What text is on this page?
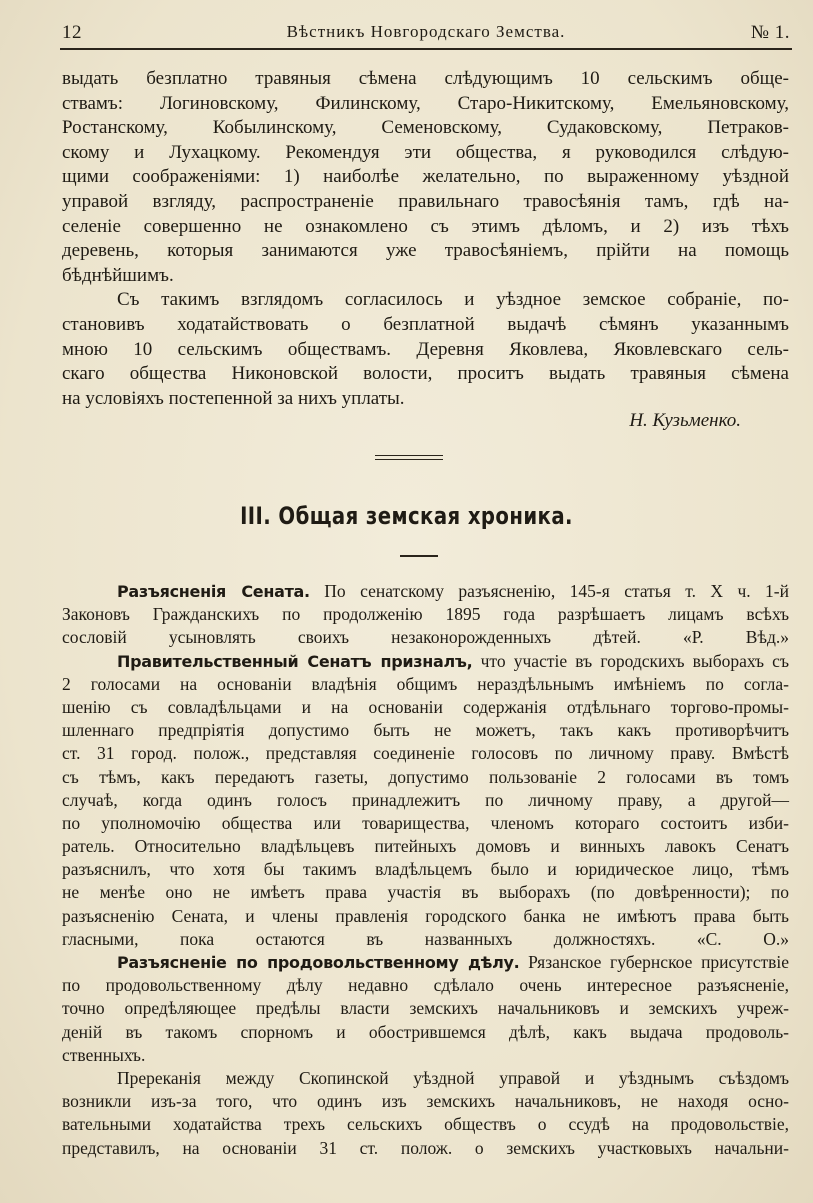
12	Вѣстникъ Новгородскаго Земства.	№ 1.
выдать безплатно травяныя сѣмена слѣдующимъ 10 сельскимъ обще-
ствамъ: Логиновскому, Филинскому, Старо-Никитскому, Емельяновскому,
Ростанскому, Кобылинскому, Семеновскому, Судаковскому, Петраков-
скому и Лухацкому. Рекомендуя эти общества, я руководился слѣдую-
щими соображеніями: 1) наиболѣе желательно, по выраженному уѣздной
управой взгляду, распространеніе правильнаго травосѣянія тамъ, гдѣ на-
селеніе совершенно не ознакомлено съ этимъ дѣломъ, и 2) изъ тѣхъ
деревень, которыя занимаются уже травосѣяніемъ, прійти на помощь
бѣднѣйшимъ.
Съ такимъ взглядомъ согласилось и уѣздное земское собраніе, по-
становивъ ходатайствовать о безплатной выдачѣ сѣмянъ указаннымъ
мною 10 сельскимъ обществамъ. Деревня Яковлева, Яковлевскаго сель-
скаго общества Никоновской волости, проситъ выдать травяныя сѣмена
на условіяхъ постепенной за нихъ уплаты.
Н. Кузьменко.
III. Общая земская хроника.
Разъясненія Сената. По сенатскому разъясненію, 145-я статья т. X ч. 1-й
Законовъ Гражданскихъ по продолженію 1895 года разрѣшаетъ лицамъ всѣхъ
сословій усыновлять своихъ незаконорожденныхъ дѣтей. «Р. Вѣд.»
Правительственный Сенатъ призналъ, что участіе въ городскихъ выборахъ съ
2 голосами на основаніи владѣнія общимъ нераздѣльнымъ имѣніемъ по согла-
шенію съ совладѣльцами и на основаніи содержанія отдѣльнаго торгово-промы-
шленнаго предпріятія допустимо быть не можетъ, такъ какъ противорѣчитъ
ст. 31 город. полож., представляя соединеніе голосовъ по личному праву. Вмѣстѣ
съ тѣмъ, какъ передаютъ газеты, допустимо пользованіе 2 голосами въ томъ
случаѣ, когда одинъ голосъ принадлежитъ по личному праву, а другой—
по уполномочію общества или товарищества, членомъ котораго состоитъ изби-
ратель. Относительно владѣльцевъ питейныхъ домовъ и винныхъ лавокъ Сенатъ
разъяснилъ, что хотя бы такимъ владѣльцемъ было и юридическое лицо, тѣмъ
не менѣе оно не имѣетъ права участія въ выборахъ (по довѣренности); по
разъясненію Сената, и члены правленія городского банка не имѣютъ права быть
гласными, пока остаются въ названныхъ должностяхъ. «С. О.»
Разъясненіе по продовольственному дѣлу. Рязанское губернское присутствіе
по продовольственному дѣлу недавно сдѣлало очень интересное разъясненіе,
точно опредѣляющее предѣлы власти земскихъ начальниковъ и земскихъ учреж-
деній въ такомъ спорномъ и обострившемся дѣлѣ, какъ выдача продоволь-
ственныхъ.
Пререканія между Скопинской уѣздной управой и уѣзднымъ съѣздомъ
возникли изъ-за того, что одинъ изъ земскихъ начальниковъ, не находя осно-
вательными ходатайства трехъ сельскихъ обществъ о ссудѣ на продовольствіе,
представилъ, на основаніи 31 ст. полож. о земскихъ участковыхъ начальни-
